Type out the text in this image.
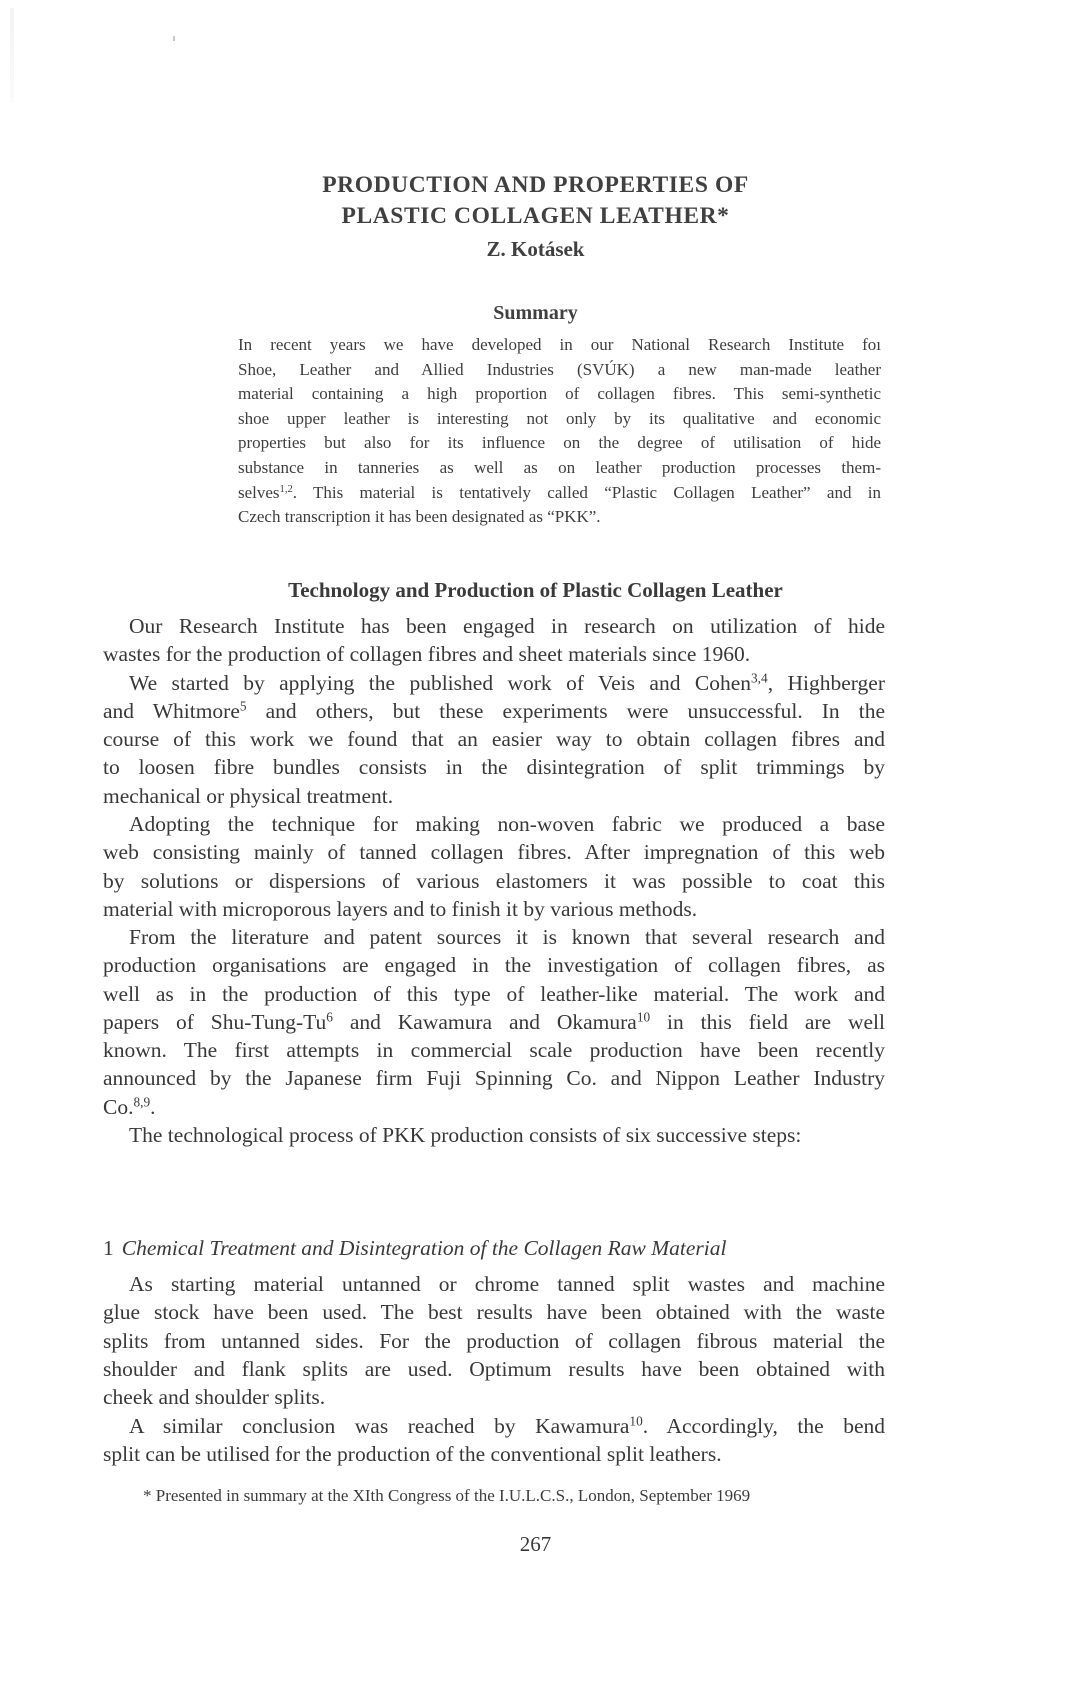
PRODUCTION AND PROPERTIES OF
PLASTIC COLLAGEN LEATHER*
Z. Kotásek
Summary
In recent years we have developed in our National Research Institute foı
Shoe, Leather and Allied Industries (SVÚK) a new man-made leather
material containing a high proportion of collagen fibres. This semi-synthetic
shoe upper leather is interesting not only by its qualitative and economic
properties but also for its influence on the degree of utilisation of hide
substance in tanneries as well as on leather production processes them-
selves$^{1,2}$. This material is tentatively called “Plastic Collagen Leather” and in
Czech transcription it has been designated as “PKK”.
Technology and Production of Plastic Collagen Leather
Our Research Institute has been engaged in research on utilization of hide
wastes for the production of collagen fibres and sheet materials since 1960.
We started by applying the published work of Veis and Cohen$^{3,4}$, Highberger
and Whitmore$^5$ and others, but these experiments were unsuccessful. In the
course of this work we found that an easier way to obtain collagen fibres and
to loosen fibre bundles consists in the disintegration of split trimmings by
mechanical or physical treatment.
Adopting the technique for making non-woven fabric we produced a base
web consisting mainly of tanned collagen fibres. After impregnation of this web
by solutions or dispersions of various elastomers it was possible to coat this
material with microporous layers and to finish it by various methods.
From the literature and patent sources it is known that several research and
production organisations are engaged in the investigation of collagen fibres, as
well as in the production of this type of leather-like material. The work and
papers of Shu-Tung-Tu$^6$ and Kawamura and Okamura$^{10}$ in this field are well
known. The first attempts in commercial scale production have been recently
announced by the Japanese firm Fuji Spinning Co. and Nippon Leather Industry
Co.$^{8,9}$.
The technological process of PKK production consists of six successive steps:
1 Chemical Treatment and Disintegration of the Collagen Raw Material
As starting material untanned or chrome tanned split wastes and machine
glue stock have been used. The best results have been obtained with the waste
splits from untanned sides. For the production of collagen fibrous material the
shoulder and flank splits are used. Optimum results have been obtained with
cheek and shoulder splits.
A similar conclusion was reached by Kawamura$^{10}$. Accordingly, the bend
split can be utilised for the production of the conventional split leathers.
* Presented in summary at the XIth Congress of the I.U.L.C.S., London, September 1969
267
